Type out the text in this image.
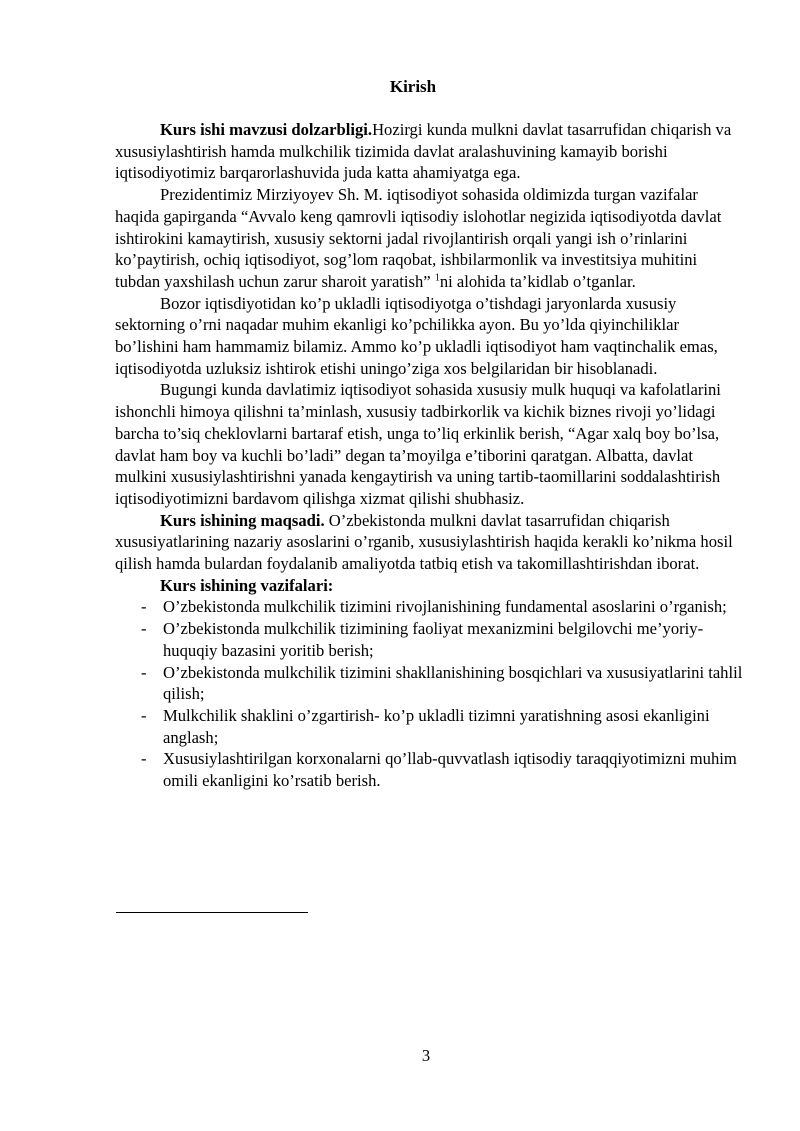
Kirish

Kurs ishi mavzusi dolzarbligi.Hozirgi kunda mulkni davlat tasarrufidan chiqarish va xususiylashtirish hamda mulkchilik tizimida davlat aralashuvining kamayib borishi iqtisodiyotimiz barqarorlashuvida juda katta ahamiyatga ega.

Prezidentimiz Mirziyoyev Sh. M. iqtisodiyot sohasida oldimizda turgan vazifalar haqida gapirganda “Avvalo keng qamrovli iqtisodiy islohotlar negizida iqtisodiyotda davlat ishtirokini kamaytirish, xususiy sektorni jadal rivojlantirish orqali yangi ish o’rinlarini ko’paytirish, ochiq iqtisodiyot, sog’lom raqobat, ishbilarmonlik va investitsiya muhitini tubdan yaxshilash uchun zarur sharoit yaratish” $^1$ni alohida ta’kidlab o’tganlar.

Bozor iqtisdiyotidan ko’p ukladli iqtisodiyotga o’tishdagi jaryonlarda xususiy sektorning o’rni naqadar muhim ekanligi ko’pchilikka ayon. Bu yo’lda qiyinchiliklar bo’lishini ham hammamiz bilamiz. Ammo ko’p ukladli iqtisodiyot ham vaqtinchalik emas, iqtisodiyotda uzluksiz ishtirok etishi uningo’ziga xos belgilaridan bir hisoblanadi.

Bugungi kunda davlatimiz iqtisodiyot sohasida xususiy mulk huquqi va kafolatlarini ishonchli himoya qilishni ta’minlash, xususiy tadbirkorlik va kichik biznes rivoji yo’lidagi barcha to’siq cheklovlarni bartaraf etish, unga to’liq erkinlik berish, “Agar xalq boy bo’lsa, davlat ham boy va kuchli bo’ladi” degan ta’moyilga e’tiborini qaratgan. Albatta, davlat mulkini xususiylashtirishni yanada kengaytirish va uning tartib-taomillarini soddalashtirish iqtisodiyotimizni bardavom qilishga xizmat qilishi shubhasiz.

Kurs ishining maqsadi. O’zbekistonda mulkni davlat tasarrufidan chiqarish xususiyatlarining nazariy asoslarini o’rganib, xususiylashtirish haqida kerakli ko’nikma hosil qilish hamda bulardan foydalanib amaliyotda tatbiq etish va takomillashtirishdan iborat.

Kurs ishining vazifalari:
- O’zbekistonda mulkchilik tizimini rivojlanishining fundamental asoslarini o’rganish;
- O’zbekistonda mulkchilik tizimining faoliyat mexanizmini belgilovchi me’yoriy-huquqiy bazasini yoritib berish;
- O’zbekistonda mulkchilik tizimini shakllanishining bosqichlari va xususiyatlarini tahlil qilish;
- Mulkchilik shaklini o’zgartirish- ko’p ukladli tizimni yaratishning asosi ekanligini anglash;
- Xususiylashtirilgan korxonalarni qo’llab-quvvatlash iqtisodiy taraqqiyotimizni muhim omili ekanligini ko’rsatib berish.
3
